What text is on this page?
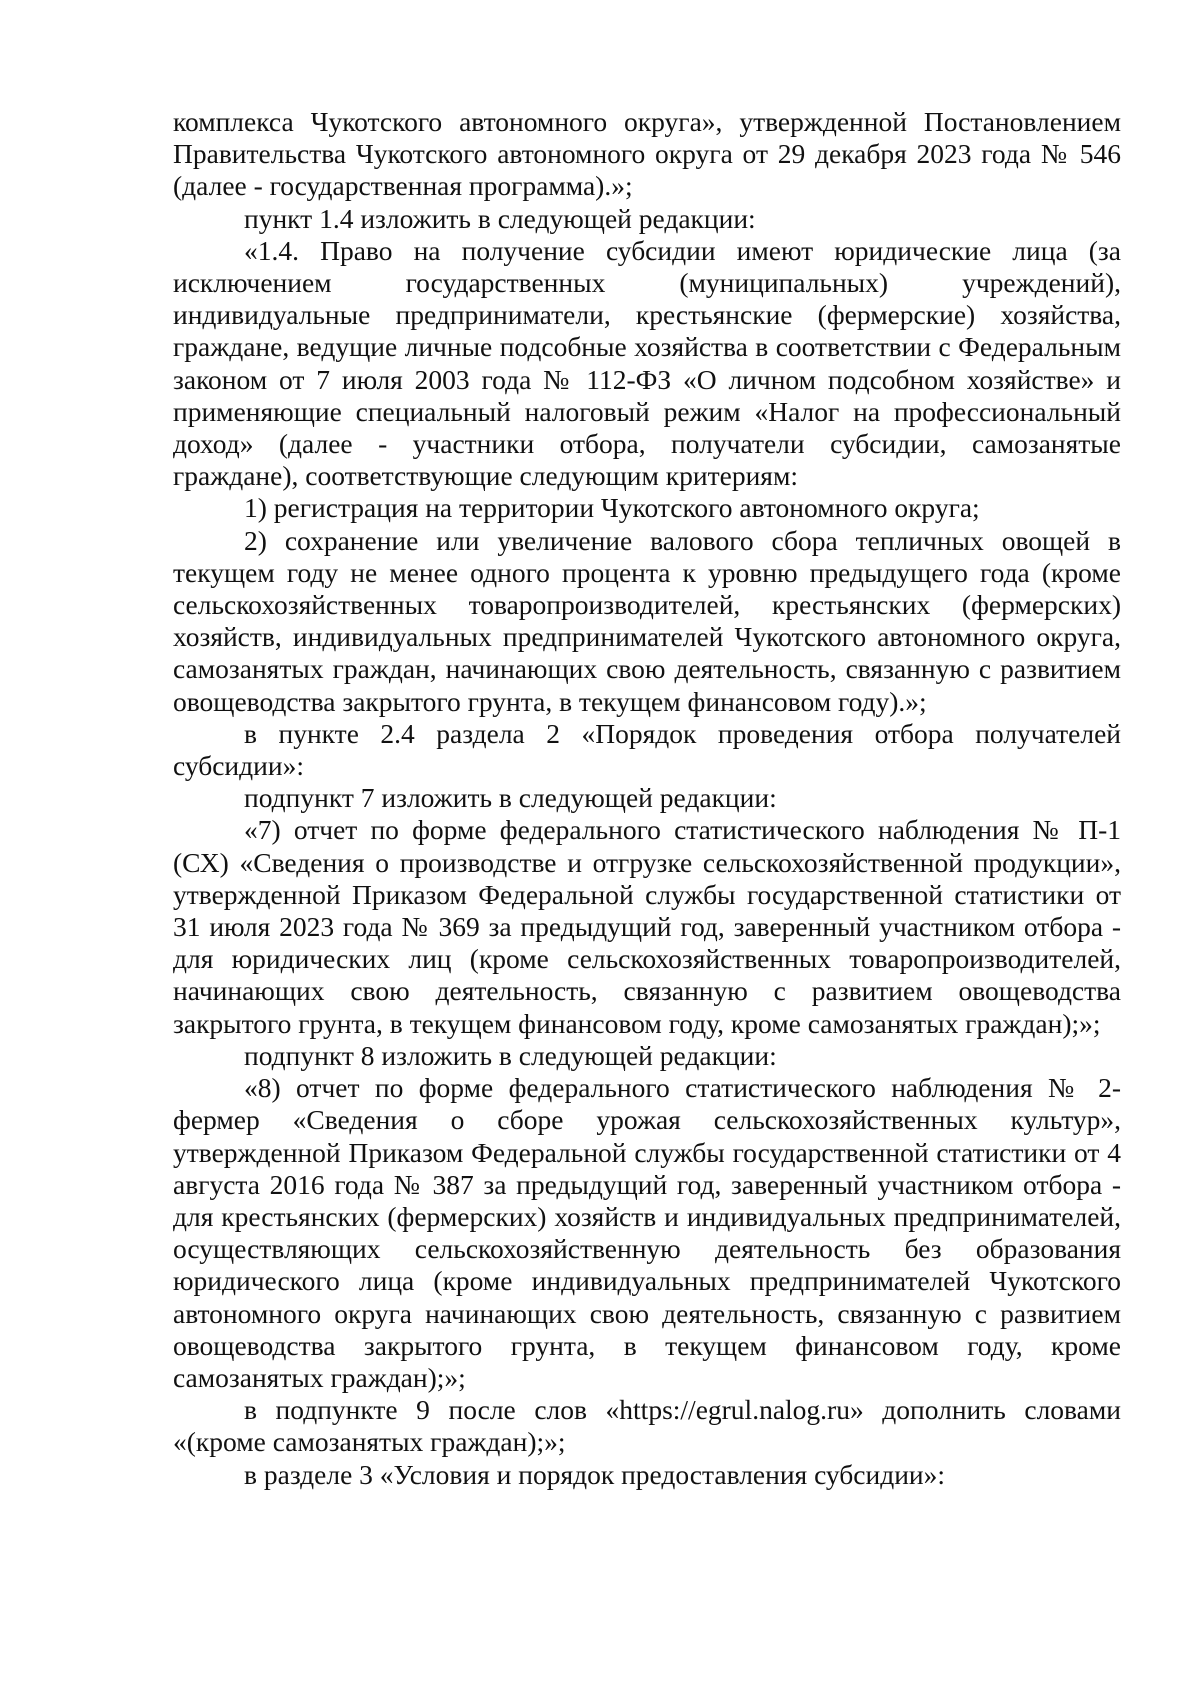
комплекса Чукотского автономного округа», утвержденной Постановлением Правительства Чукотского автономного округа от 29 декабря 2023 года № 546 (далее - государственная программа).»;

пункт 1.4 изложить в следующей редакции:

«1.4. Право на получение субсидии имеют юридические лица (за исключением государственных (муниципальных) учреждений), индивидуальные предприниматели, крестьянские (фермерские) хозяйства, граждане, ведущие личные подсобные хозяйства в соответствии с Федеральным законом от 7 июля 2003 года № 112-ФЗ «О личном подсобном хозяйстве» и применяющие специальный налоговый режим «Налог на профессиональный доход» (далее - участники отбора, получатели субсидии, самозанятые граждане), соответствующие следующим критериям:

1) регистрация на территории Чукотского автономного округа;

2) сохранение или увеличение валового сбора тепличных овощей в текущем году не менее одного процента к уровню предыдущего года (кроме сельскохозяйственных товаропроизводителей, крестьянских (фермерских) хозяйств, индивидуальных предпринимателей Чукотского автономного округа, самозанятых граждан, начинающих свою деятельность, связанную с развитием овощеводства закрытого грунта, в текущем финансовом году).»;

в пункте 2.4 раздела 2 «Порядок проведения отбора получателей субсидии»:

подпункт 7 изложить в следующей редакции:

«7) отчет по форме федерального статистического наблюдения № П-1 (СХ) «Сведения о производстве и отгрузке сельскохозяйственной продукции», утвержденной Приказом Федеральной службы государственной статистики от 31 июля 2023 года № 369 за предыдущий год, заверенный участником отбора - для юридических лиц (кроме сельскохозяйственных товаропроизводителей, начинающих свою деятельность, связанную с развитием овощеводства закрытого грунта, в текущем финансовом году, кроме самозанятых граждан);»;

подпункт 8 изложить в следующей редакции:

«8) отчет по форме федерального статистического наблюдения № 2-фермер «Сведения о сборе урожая сельскохозяйственных культур», утвержденной Приказом Федеральной службы государственной статистики от 4 августа 2016 года № 387 за предыдущий год, заверенный участником отбора - для крестьянских (фермерских) хозяйств и индивидуальных предпринимателей, осуществляющих сельскохозяйственную деятельность без образования юридического лица (кроме индивидуальных предпринимателей Чукотского автономного округа начинающих свою деятельность, связанную с развитием овощеводства закрытого грунта, в текущем финансовом году, кроме самозанятых граждан);»;

в подпункте 9 после слов «https://egrul.nalog.ru» дополнить словами «(кроме самозанятых граждан);»;

в разделе 3 «Условия и порядок предоставления субсидии»:
